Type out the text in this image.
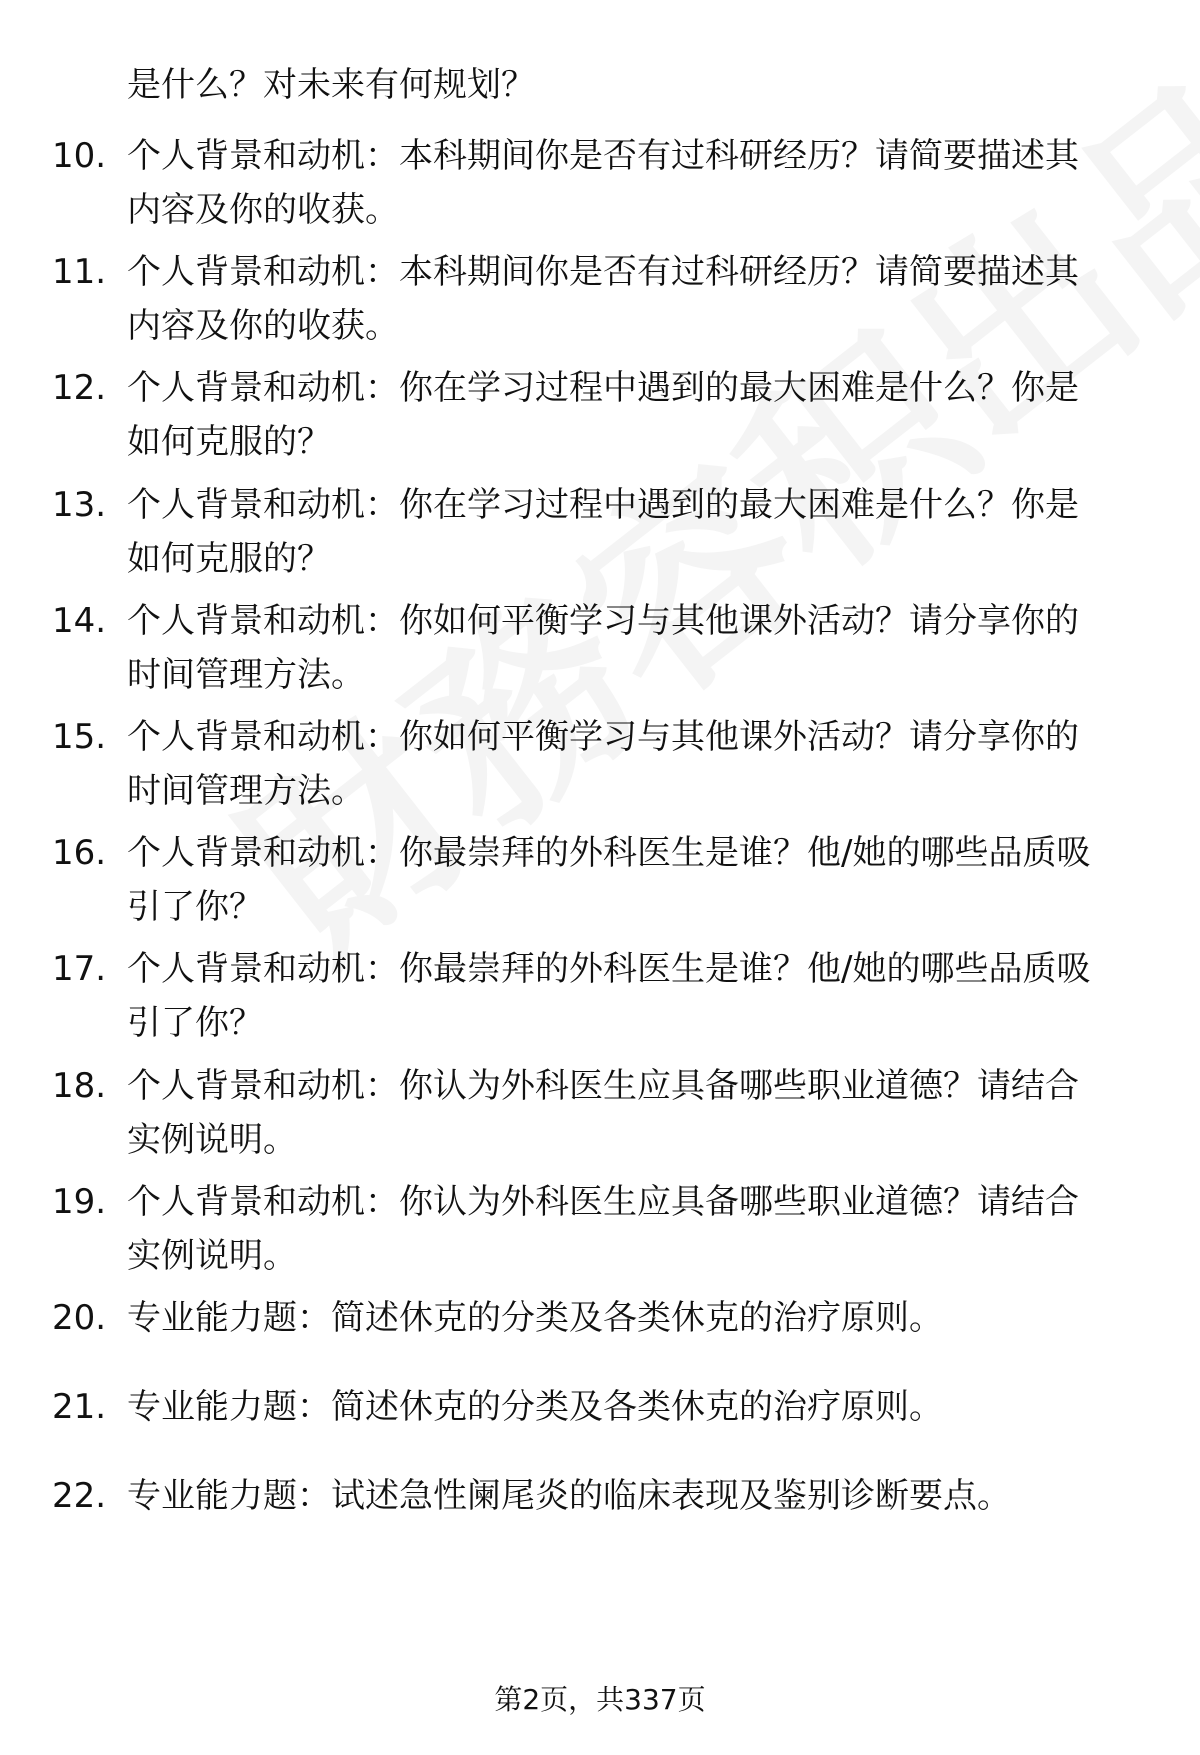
是什么？对未来有何规划？
10. 个人背景和动机：本科期间你是否有过科研经历？请简要描述其
内容及你的收获。
11. 个人背景和动机：本科期间你是否有过科研经历？请简要描述其
内容及你的收获。
12. 个人背景和动机：你在学习过程中遇到的最大困难是什么？你是
如何克服的？
13. 个人背景和动机：你在学习过程中遇到的最大困难是什么？你是
如何克服的？
14. 个人背景和动机：你如何平衡学习与其他课外活动？请分享你的
时间管理方法。
15. 个人背景和动机：你如何平衡学习与其他课外活动？请分享你的
时间管理方法。
16. 个人背景和动机：你最崇拜的外科医生是谁？他/她的哪些品质吸
引了你？
17. 个人背景和动机：你最崇拜的外科医生是谁？他/她的哪些品质吸
引了你？
18. 个人背景和动机：你认为外科医生应具备哪些职业道德？请结合
实例说明。
19. 个人背景和动机：你认为外科医生应具备哪些职业道德？请结合
实例说明。
20. 专业能力题：简述休克的分类及各类休克的治疗原则。
21. 专业能力题：简述休克的分类及各类休克的治疗原则。
22. 专业能力题：试述急性阑尾炎的临床表现及鉴别诊断要点。
第2页，共337页
